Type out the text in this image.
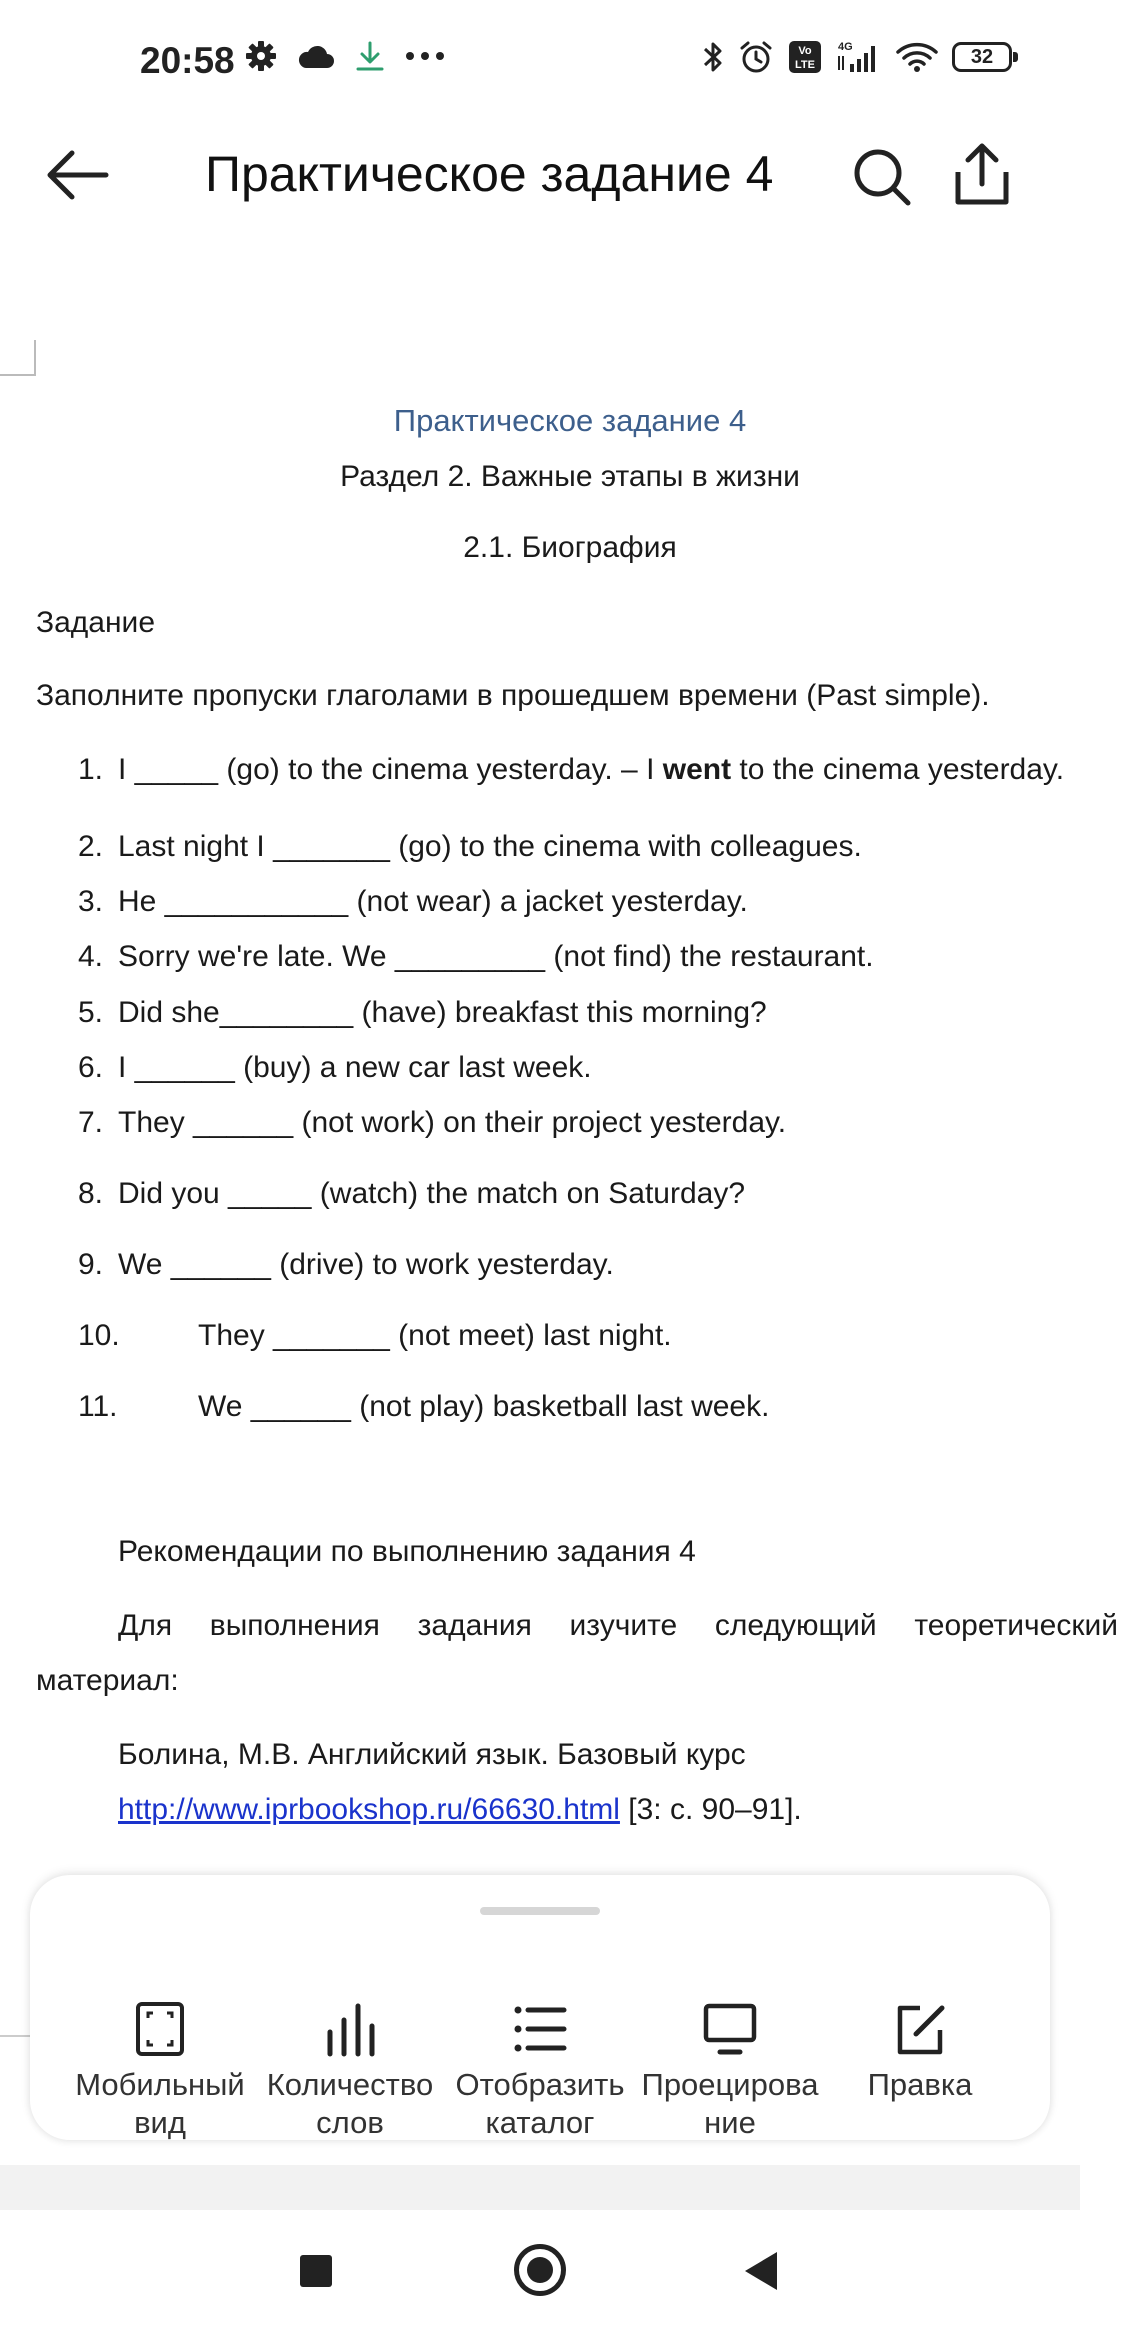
20:58	Vo
LTE
4G	32
Практическое задание 4
Практическое задание 4
Раздел 2. Важные этапы в жизни
2.1. Биография
Задание
Заполните пропуски глаголами в прошедшем времени (Past simple).
1. I _____ (go) to the cinema yesterday. – I went to the cinema yesterday.
2. Last night I _______ (go) to the cinema with colleagues.
3. He ___________ (not wear) a jacket yesterday.
4. Sorry we're late. We _________ (not find) the restaurant.
5. Did she________ (have) breakfast this morning?
6. I ______ (buy) a new car last week.
7. They ______ (not work) on their project yesterday.
8. Did you _____ (watch) the match on Saturday?
9. We ______ (drive) to work yesterday.
10.	They _______ (not meet) last night.
11.	We ______ (not play) basketball last week.
Рекомендации по выполнению задания 4
Для выполнения задания изучите следующий теоретический
материал:
Болина, М.В. Английский язык. Базовый курс
http://www.iprbookshop.ru/66630.html [3: с. 90–91].
Мобильный вид
Количество слов
Отобразить каталог
Проецирова ние
Правка
